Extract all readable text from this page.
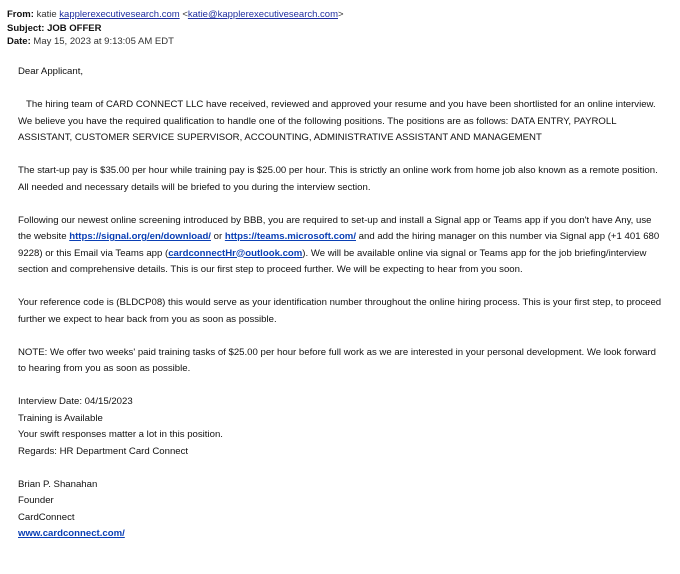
From: katie kapplerexecutivesearch.com <katie@kapplerexecutivesearch.com>
Subject: JOB OFFER
Date: May 15, 2023 at 9:13:05 AM EDT

Dear Applicant,

The hiring team of CARD CONNECT LLC have received, reviewed and approved your resume and you have been shortlisted for an online interview. We believe you have the required qualification to handle one of the following positions. The positions are as follows: DATA ENTRY, PAYROLL ASSISTANT, CUSTOMER SERVICE SUPERVISOR, ACCOUNTING, ADMINISTRATIVE ASSISTANT AND MANAGEMENT

The start-up pay is $35.00 per hour while training pay is $25.00 per hour. This is strictly an online work from home job also known as a remote position. All needed and necessary details will be briefed to you during the interview section.

Following our newest online screening introduced by BBB, you are required to set-up and install a Signal app or Teams app if you don't have Any, use the website https://signal.org/en/download/ or https://teams.microsoft.com/ and add the hiring manager on this number via Signal app (+1 401 680 9228) or this Email via Teams app (cardconnectHr@outlook.com). We will be available online via signal or Teams app for the job briefing/interview section and comprehensive details. This is our first step to proceed further. We will be expecting to hear from you soon.

Your reference code is (BLDCP08) this would serve as your identification number throughout the online hiring process. This is your first step, to proceed further we expect to hear back from you as soon as possible.

NOTE: We offer two weeks' paid training tasks of $25.00 per hour before full work as we are interested in your personal development. We look forward to hearing from you as soon as possible.

Interview Date: 04/15/2023

Training is Available

Your swift responses matter a lot in this position.

Regards: HR Department Card Connect

Brian P. Shanahan

Founder

CardConnect

www.cardconnect.com/
